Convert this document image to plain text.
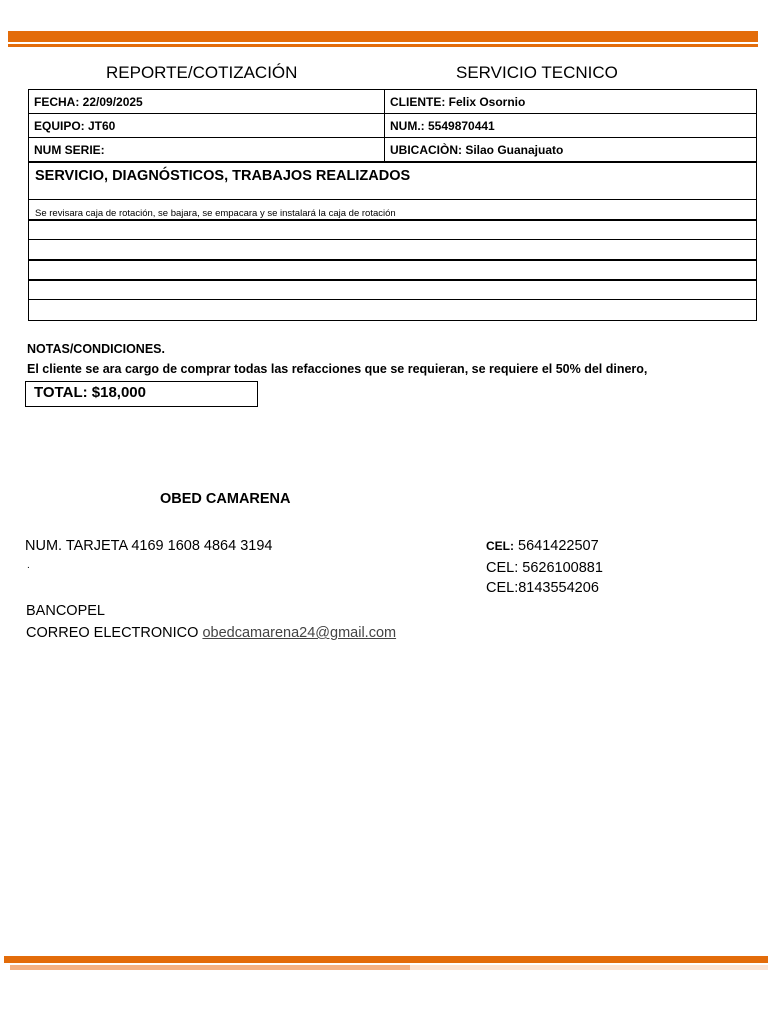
REPORTE/COTIZACIÓN	SERVICIO TECNICO
FECHA: 22/09/2025	CLIENTE: Felix Osornio
EQUIPO: JT60	NUM.: 5549870441
NUM SERIE:	UBICACIÒN: Silao Guanajuato
SERVICIO, DIAGNÓSTICOS, TRABAJOS REALIZADOS
Se revisara caja de rotación, se bajara, se empacara y se instalará la caja de rotación
NOTAS/CONDICIONES.
El cliente se ara cargo de comprar todas las refacciones que se requieran, se requiere el 50% del dinero,
TOTAL: $18,000
OBED CAMARENA
NUM. TARJETA 4169 1608 4864 3194
.
CEL: 5641422507
CEL: 5626100881
CEL:8143554206
BANCOPEL
CORREO ELECTRONICO obedcamarena24@gmail.com
